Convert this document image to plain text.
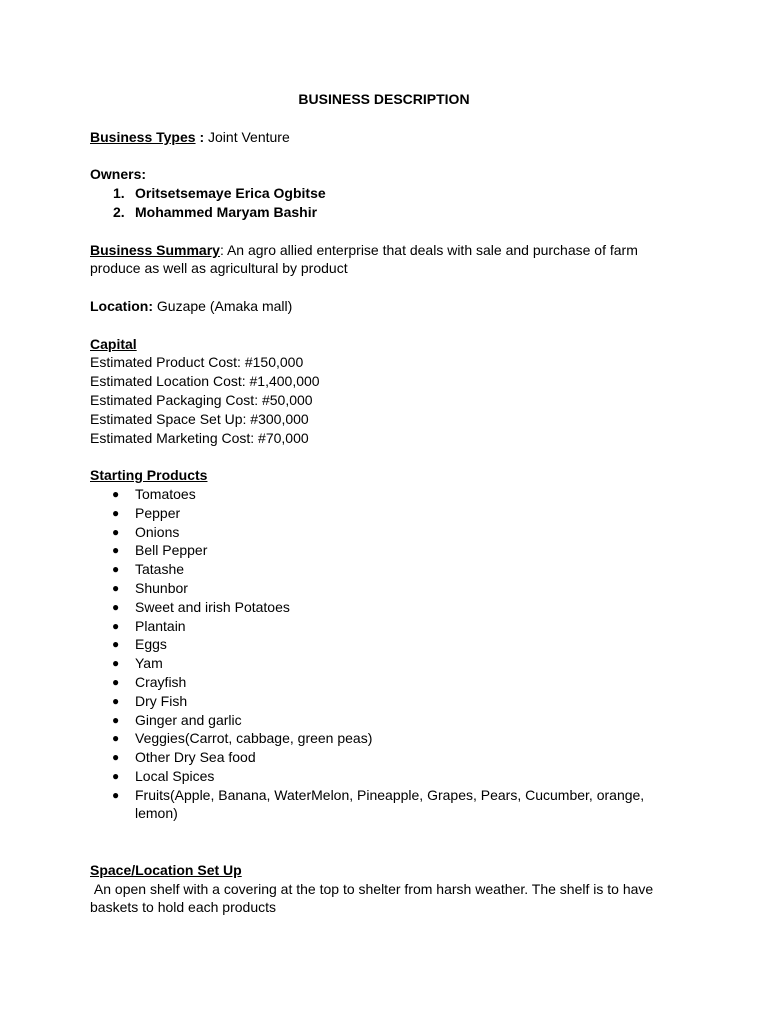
BUSINESS DESCRIPTION

Business Types : Joint Venture

Owners:

1. Oritsetsemaye Erica Ogbitse
2. Mohammed Maryam Bashir

Business Summary: An agro allied enterprise that deals with sale and purchase of farm produce as well as agricultural by product

Location: Guzape (Amaka mall)

Capital

Estimated Product Cost: #150,000

Estimated Location Cost: #1,400,000

Estimated Packaging Cost: #50,000

Estimated Space Set Up: #300,000

Estimated Marketing Cost: #70,000

Starting Products

● Tomatoes
● Pepper
● Onions
● Bell Pepper
● Tatashe
● Shunbor
● Sweet and irish Potatoes
● Plantain
● Eggs
● Yam
● Crayfish
● Dry Fish
● Ginger and garlic
● Veggies(Carrot, cabbage, green peas)
● Other Dry Sea food
● Local Spices
● Fruits(Apple, Banana, WaterMelon, Pineapple, Grapes, Pears, Cucumber, orange, lemon)

Space/Location Set Up

An open shelf with a covering at the top to shelter from harsh weather. The shelf is to have baskets to hold each products
